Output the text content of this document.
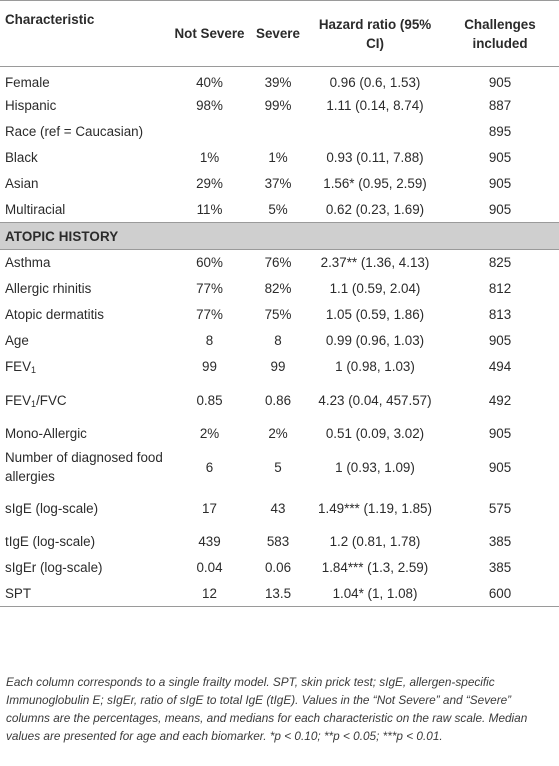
Characteristic	Not Severe	Severe	Hazard ratio (95% CI)	Challenges included
Female	40%	39%	0.96 (0.6, 1.53)	905
Hispanic	98%	99%	1.11 (0.14, 8.74)	887
Race (ref = Caucasian)				895
Black	1%	1%	0.93 (0.11, 7.88)	905
Asian	29%	37%	1.56* (0.95, 2.59)	905
Multiracial	11%	5%	0.62 (0.23, 1.69)	905
ATOPIC HISTORY				
Asthma	60%	76%	2.37** (1.36, 4.13)	825
Allergic rhinitis	77%	82%	1.1 (0.59, 2.04)	812
Atopic dermatitis	77%	75%	1.05 (0.59, 1.86)	813
Age	8	8	0.99 (0.96, 1.03)	905
$FEV_1$	99	99	1 (0.98, 1.03)	494
$FEV_1$/FVC	0.85	0.86	4.23 (0.04, 457.57)	492
Mono-Allergic	2%	2%	0.51 (0.09, 3.02)	905
Number of diagnosed food allergies	6	5	1 (0.93, 1.09)	905
sIgE (log-scale)	17	43	1.49*** (1.19, 1.85)	575
tIgE (log-scale)	439	583	1.2 (0.81, 1.78)	385
sIgEr (log-scale)	0.04	0.06	1.84*** (1.3, 2.59)	385
SPT	12	13.5	1.04* (1, 1.08)	600
Each column corresponds to a single frailty model. SPT, skin prick test; sIgE, allergen-specific Immunoglobulin E; sIgEr, ratio of sIgE to total IgE (tIgE). Values in the “Not Severe” and “Severe” columns are the percentages, means, and medians for each characteristic on the raw scale. Median values are presented for age and each biomarker. *p < 0.10; **p < 0.05; ***p < 0.01.
